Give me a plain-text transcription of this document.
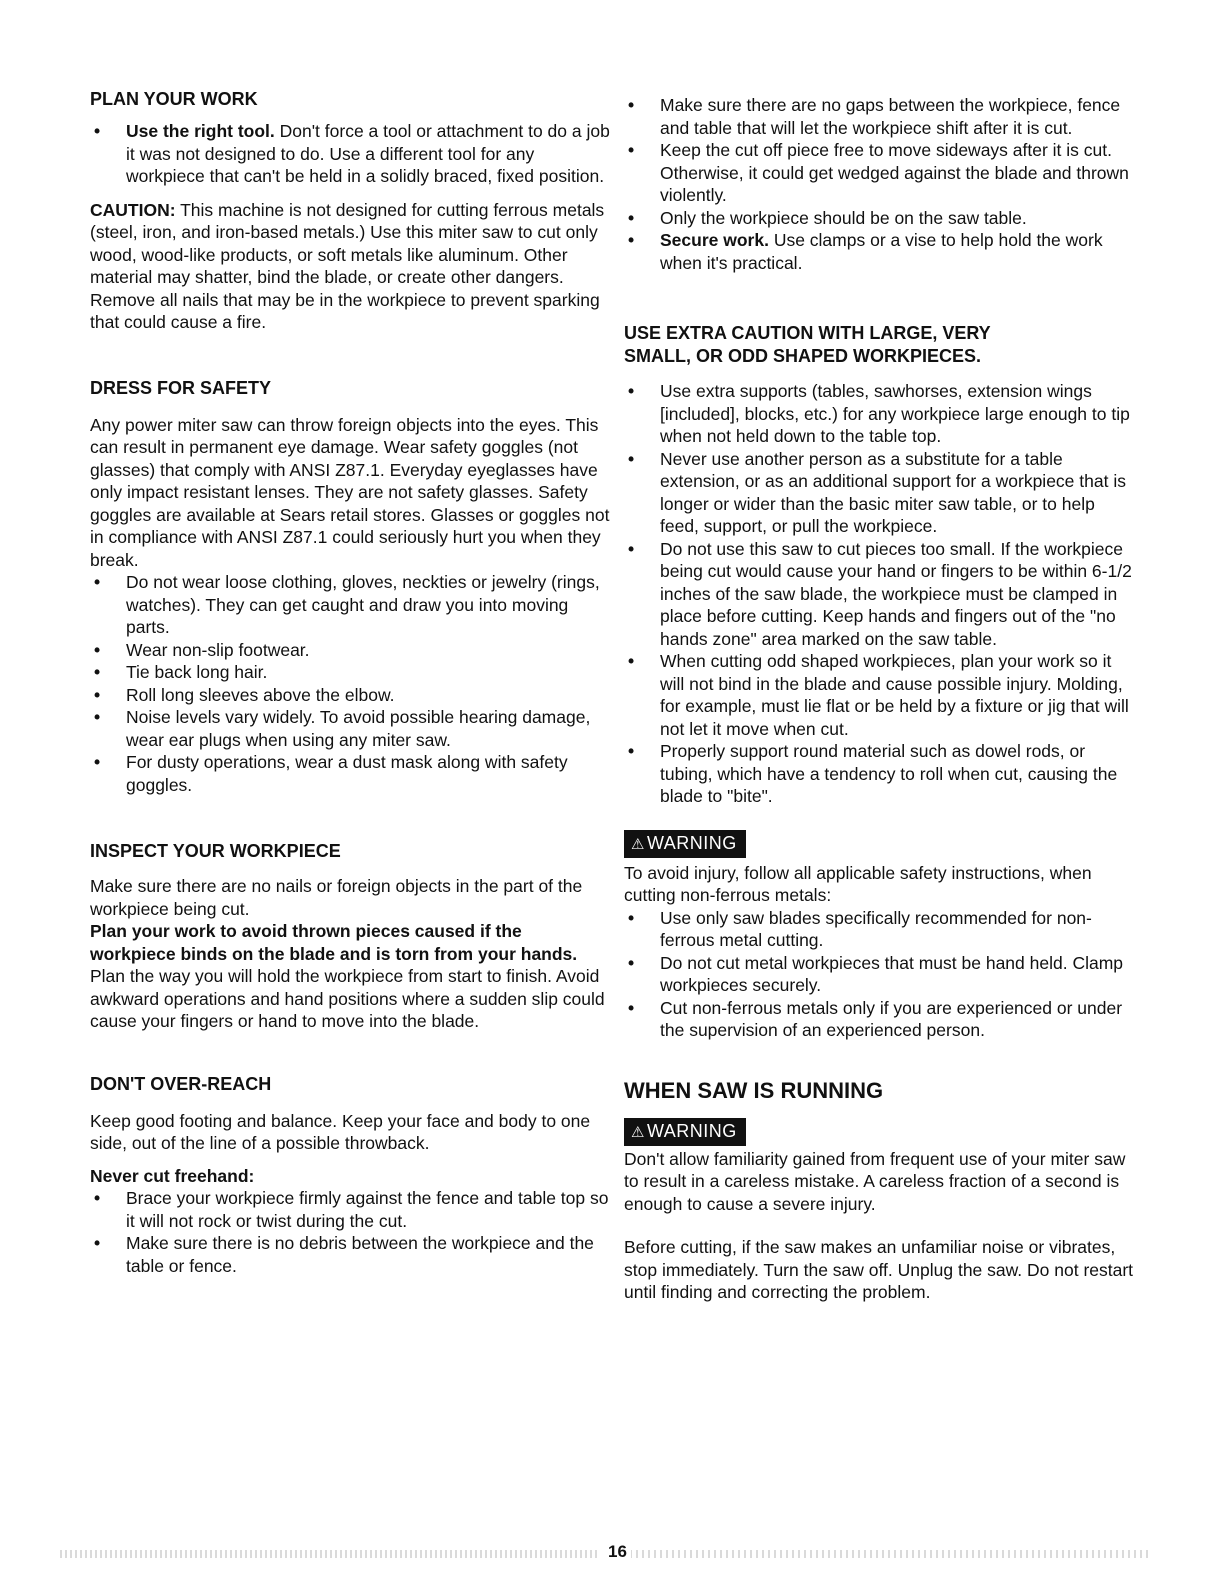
PLAN YOUR WORK
• Use the right tool. Don't force a tool or attachment to do a job it was not designed to do. Use a different tool for any workpiece that can't be held in a solidly braced, fixed position.

CAUTION: This machine is not designed for cutting ferrous metals (steel, iron, and iron-based metals.) Use this miter saw to cut only wood, wood-like products, or soft metals like aluminum. Other material may shatter, bind the blade, or create other dangers. Remove all nails that may be in the workpiece to prevent sparking that could cause a fire.

DRESS FOR SAFETY

Any power miter saw can throw foreign objects into the eyes. This can result in permanent eye damage. Wear safety goggles (not glasses) that comply with ANSI Z87.1. Everyday eyeglasses have only impact resistant lenses. They are not safety glasses. Safety goggles are available at Sears retail stores. Glasses or goggles not in compliance with ANSI Z87.1 could seriously hurt you when they break.

• Do not wear loose clothing, gloves, neckties or jewelry (rings, watches). They can get caught and draw you into moving parts.
• Wear non-slip footwear.
• Tie back long hair.
• Roll long sleeves above the elbow.
• Noise levels vary widely. To avoid possible hearing damage, wear ear plugs when using any miter saw.
• For dusty operations, wear a dust mask along with safety goggles.
INSPECT YOUR WORKPIECE

Make sure there are no nails or foreign objects in the part of the workpiece being cut.

Plan your work to avoid thrown pieces caused if the workpiece binds on the blade and is torn from your hands.

Plan the way you will hold the workpiece from start to finish. Avoid awkward operations and hand positions where a sudden slip could cause your fingers or hand to move into the blade.

DON'T OVER-REACH

Keep good footing and balance. Keep your face and body to one side, out of the line of a possible throwback.

Never cut freehand:

• Brace your workpiece firmly against the fence and table top so it will not rock or twist during the cut.
• Make sure there is no debris between the workpiece and the table or fence.
• Make sure there are no gaps between the workpiece, fence and table that will let the workpiece shift after it is cut.
• Keep the cut off piece free to move sideways after it is cut. Otherwise, it could get wedged against the blade and thrown violently.
• Only the workpiece should be on the saw table.
• Secure work. Use clamps or a vise to help hold the work when it's practical.
USE EXTRA CAUTION WITH LARGE, VERY
SMALL, OR ODD SHAPED WORKPIECES.
• Use extra supports (tables, sawhorses, extension wings [included], blocks, etc.) for any workpiece large enough to tip when not held down to the table top.
• Never use another person as a substitute for a table extension, or as an additional support for a workpiece that is longer or wider than the basic miter saw table, or to help feed, support, or pull the workpiece.
• Do not use this saw to cut pieces too small. If the workpiece being cut would cause your hand or fingers to be within 6-1/2 inches of the saw blade, the workpiece must be clamped in place before cutting. Keep hands and fingers out of the "no hands zone" area marked on the saw table.
• When cutting odd shaped workpieces, plan your work so it will not bind in the blade and cause possible injury. Molding, for example, must lie flat or be held by a fixture or jig that will not let it move when cut.
• Properly support round material such as dowel rods, or tubing, which have a tendency to roll when cut, causing the blade to "bite".
⚠ WARNING

To avoid injury, follow all applicable safety instructions, when cutting non-ferrous metals:

• Use only saw blades specifically recommended for non-ferrous metal cutting.
• Do not cut metal workpieces that must be hand held. Clamp workpieces securely.
• Cut non-ferrous metals only if you are experienced or under the supervision of an experienced person.
WHEN SAW IS RUNNING
⚠ WARNING

Don't allow familiarity gained from frequent use of your miter saw to result in a careless mistake. A careless fraction of a second is enough to cause a severe injury.

Before cutting, if the saw makes an unfamiliar noise or vibrates, stop immediately. Turn the saw off. Unplug the saw. Do not restart until finding and correcting the problem.

16
